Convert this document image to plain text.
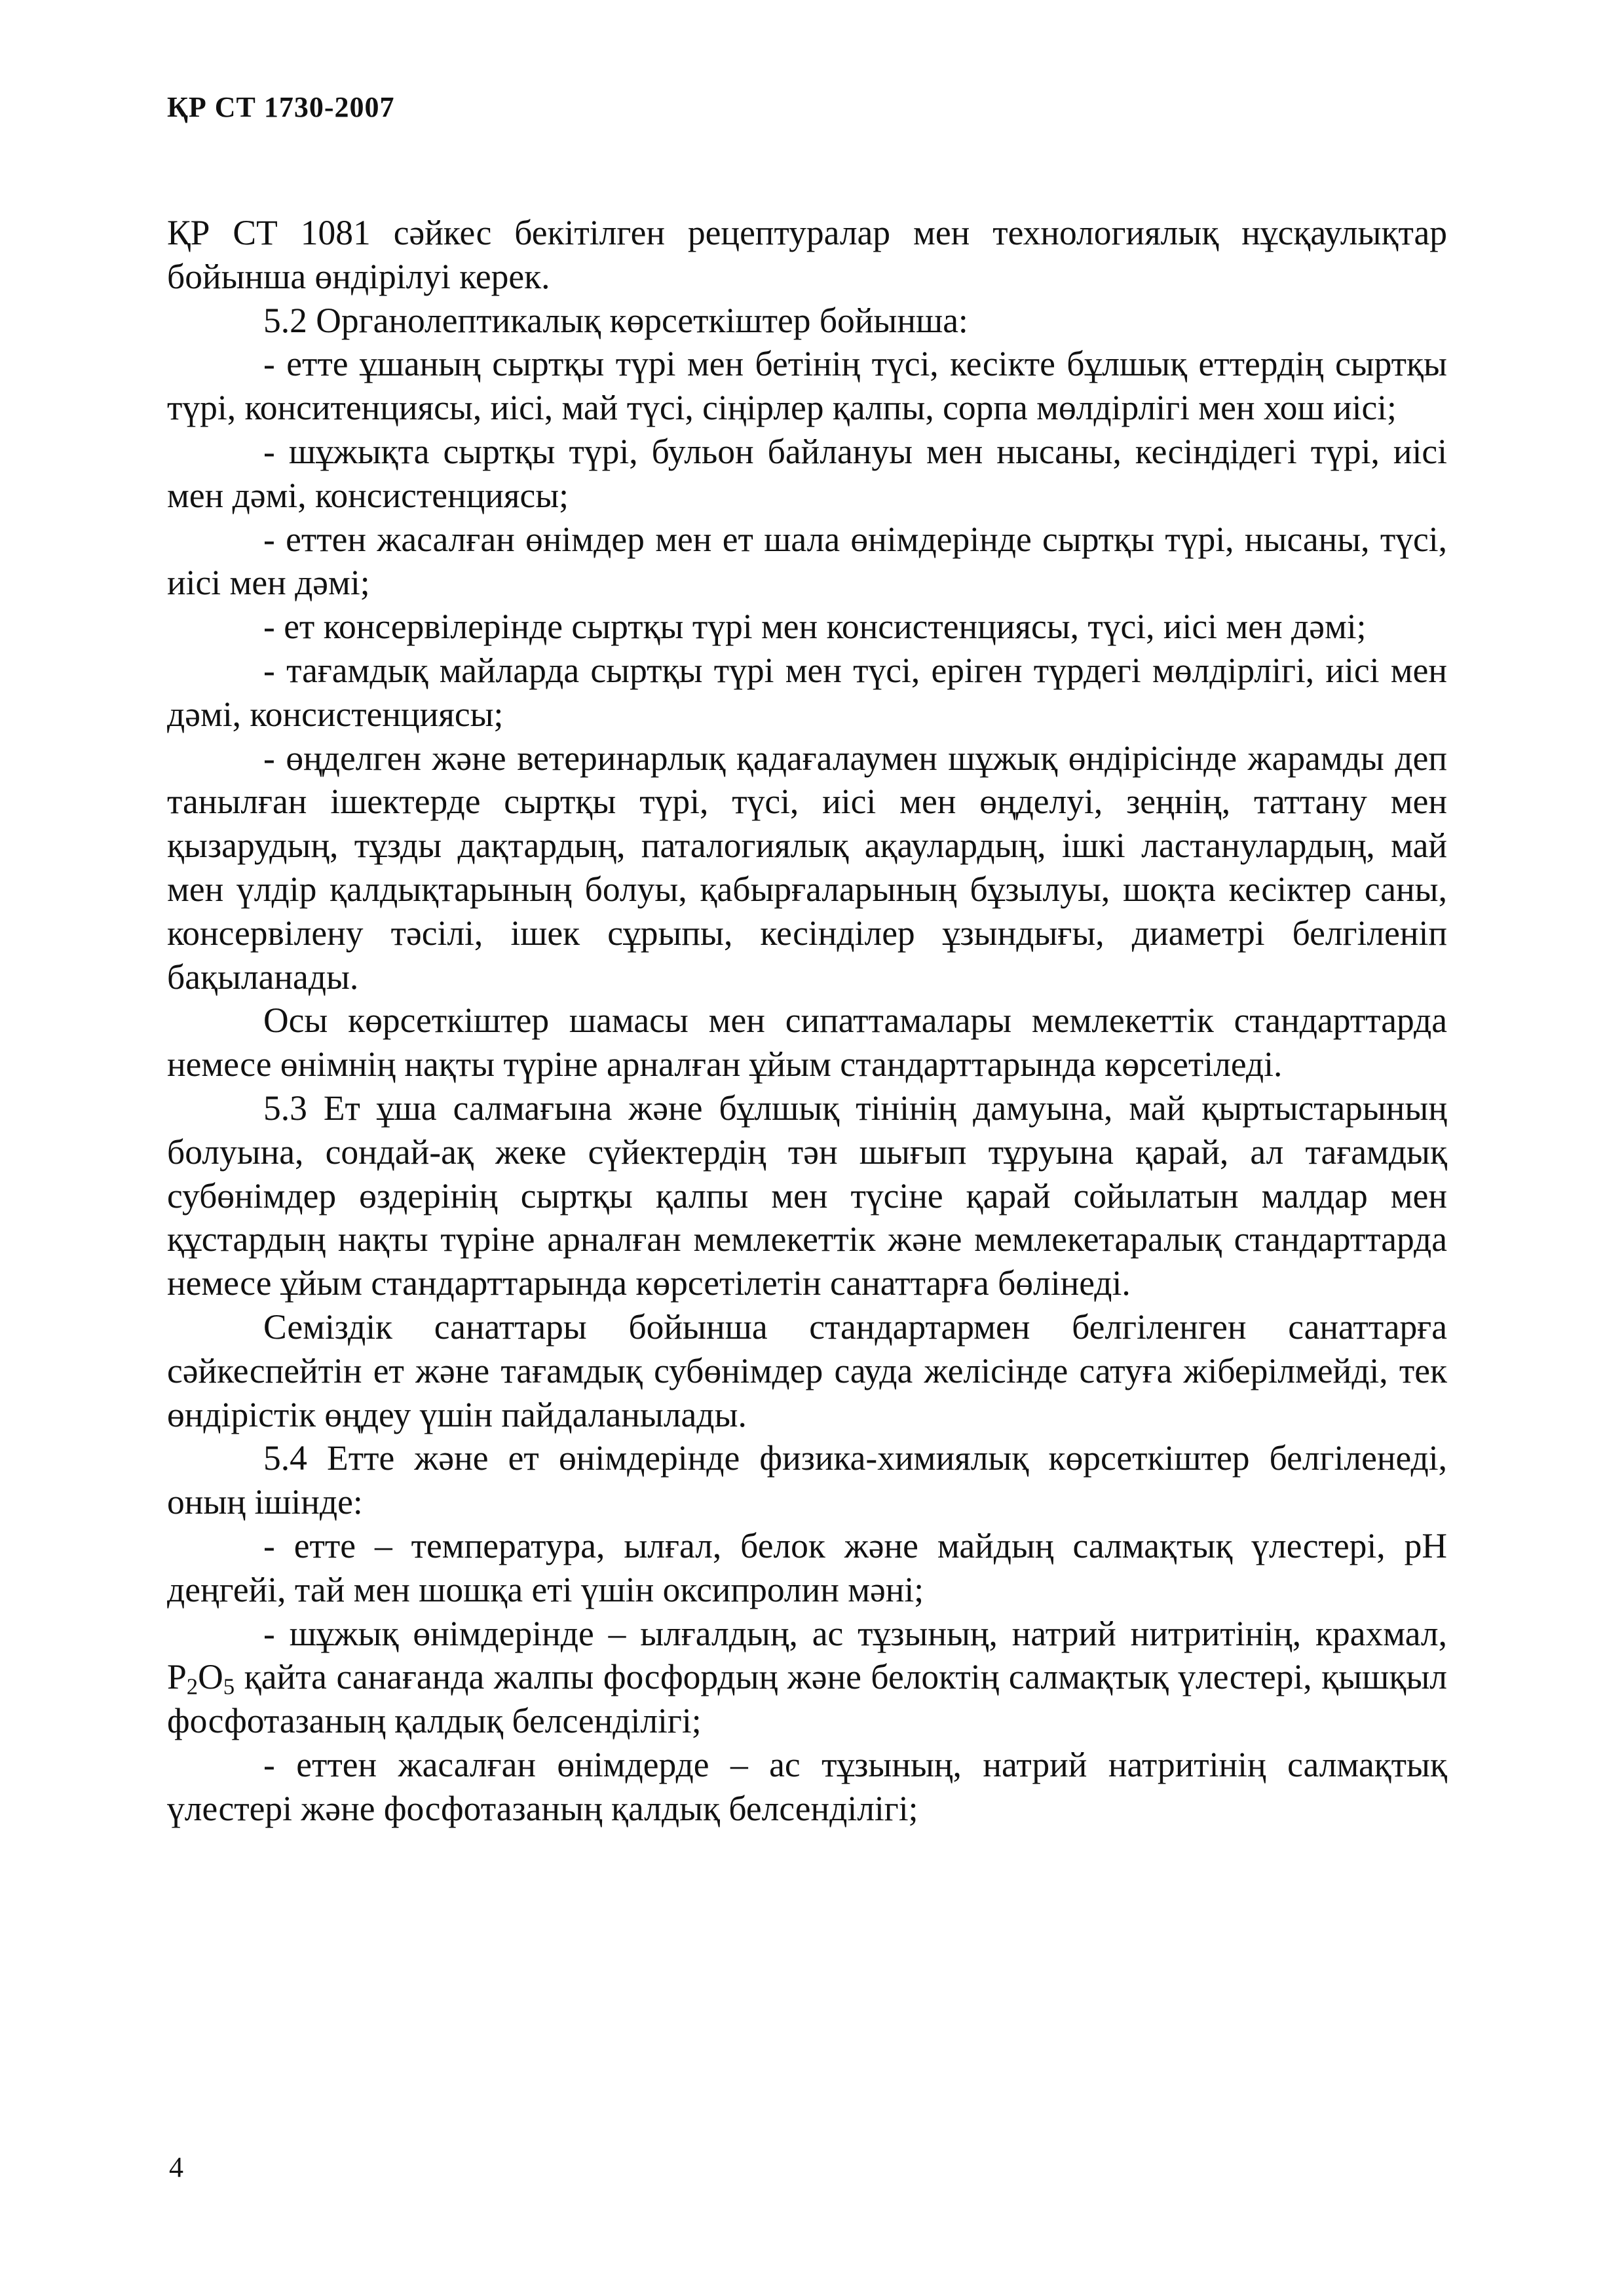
ҚР СТ 1730-2007

ҚР СТ 1081 сәйкес бекітілген рецептуралар мен технологиялық нұсқаулықтар бойынша өндірілуі керек.

5.2 Органолептикалық көрсеткіштер бойынша:

- етте ұшаның сыртқы түрі мен бетінің түсі, кесікте бұлшық еттердің сыртқы түрі, конситенциясы, иісі, май түсі, сіңірлер қалпы, сорпа мөлдірлігі мен хош иісі;

- шұжықта сыртқы түрі, бульон байлануы мен нысаны, кесіндідегі түрі, иісі мен дәмі, консистенциясы;

- еттен жасалған өнімдер мен ет шала өнімдерінде сыртқы түрі, нысаны, түсі, иісі мен дәмі;

- ет консервілерінде сыртқы түрі мен консистенциясы, түсі, иісі мен дәмі;

- тағамдық майларда сыртқы түрі мен түсі, еріген түрдегі мөлдірлігі, иісі мен дәмі, консистенциясы;

- өңделген және ветеринарлық қадағалаумен шұжық өндірісінде жарамды деп танылған ішектерде сыртқы түрі, түсі, иісі мен өңделуі, зеңнің, таттану мен қызарудың, тұзды дақтардың, паталогиялық ақаулардың, ішкі ластанулардың, май мен үлдір қалдықтарының болуы, қабырғаларының бұзылуы, шоқта кесіктер саны, консервілену тәсілі, ішек сұрыпы, кесінділер ұзындығы, диаметрі белгіленіп бақыланады.

Осы көрсеткіштер шамасы мен сипаттамалары мемлекеттік стандарттарда немесе өнімнің нақты түріне арналған ұйым стандарттарында көрсетіледі.

5.3 Ет ұша салмағына және бұлшық тінінің дамуына, май қыртыстарының болуына, сондай-ақ жеке сүйектердің тән шығып тұруына қарай, ал тағамдық субөнімдер өздерінің сыртқы қалпы мен түсіне қарай сойылатын малдар мен құстардың нақты түріне арналған мемлекеттік және мемлекетаралық стандарттарда немесе ұйым стандарттарында көрсетілетін санаттарға бөлінеді.

Семіздік санаттары бойынша стандартармен белгіленген санаттарға сәйкеспейтін ет және тағамдық субөнімдер сауда желісінде сатуға жіберілмейді, тек өндірістік өңдеу үшін пайдаланылады.

5.4 Етте және ет өнімдерінде физика-химиялық көрсеткіштер белгіленеді, оның ішінде:

- етте – температура, ылғал, белок және майдың салмақтық үлестері, pH деңгейі, тай мен шошқа еті үшін оксипролин мәні;

- шұжық өнімдерінде – ылғалдың, ас тұзының, натрий нитритінің, крахмал, $P_2O_5$ қайта санағанда жалпы фосфордың және белоктің салмақтық үлестері, қышқыл фосфотазаның қалдық белсенділігі;

- еттен жасалған өнімдерде – ас тұзының, натрий натритінің салмақтық үлестері және фосфотазаның қалдық белсенділігі;

4
